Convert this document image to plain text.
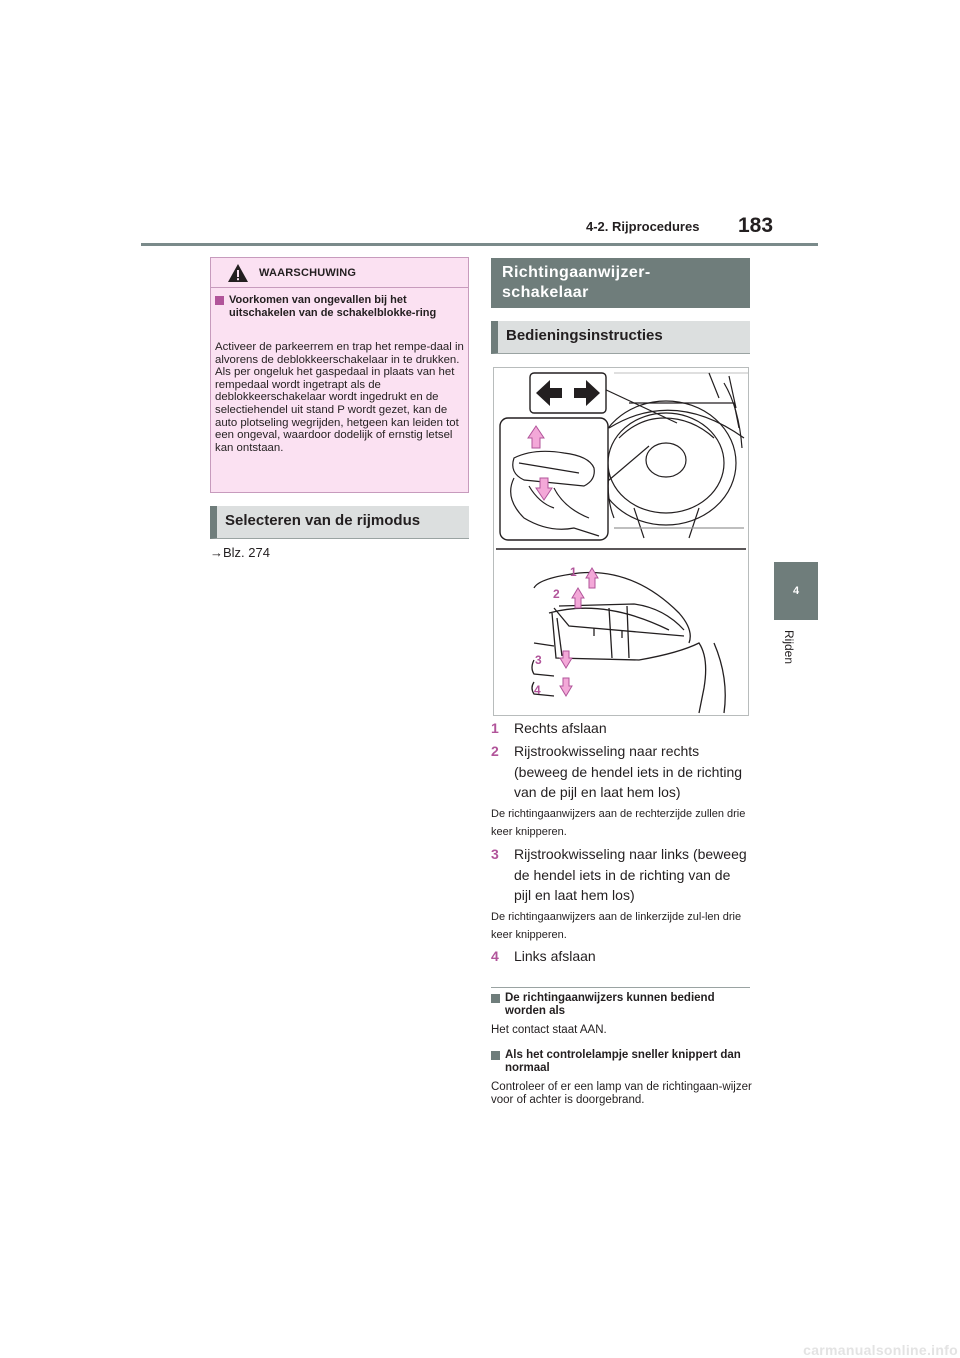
4-2. Rijprocedures 183
4
Rijden
WAARSCHUWING
Voorkomen van ongevallen bij het uitschakelen van de schakelblokke-ring
Activeer de parkeerrem en trap het rempe-daal in alvorens de deblokkeerschakelaar in te drukken. Als per ongeluk het gaspedaal in plaats van het rempedaal wordt ingetrapt als de deblokkeerschakelaar wordt ingedrukt en de selectiehendel uit stand P wordt gezet, kan de auto plotseling wegrijden, hetgeen kan leiden tot een ongeval, waardoor dodelijk of ernstig letsel kan ontstaan.
Selecteren van de rijmodus
→Blz. 274
Richtingaanwijzer-
schakelaar
Bedieningsinstructies
1
2
3
4
1 Rechts afslaan
2 Rijstrookwisseling naar rechts (beweeg de hendel iets in de richting van de pijl en laat hem los)
De richtingaanwijzers aan de rechterzijde zullen drie keer knipperen.
3 Rijstrookwisseling naar links (beweeg de hendel iets in de richting van de pijl en laat hem los)
De richtingaanwijzers aan de linkerzijde zul-len drie keer knipperen.
4 Links afslaan
De richtingaanwijzers kunnen bediend worden als
Het contact staat AAN.
Als het controlelampje sneller knippert dan normaal
Controleer of er een lamp van de richtingaan-wijzer voor of achter is doorgebrand.
carmanualsonline.info
